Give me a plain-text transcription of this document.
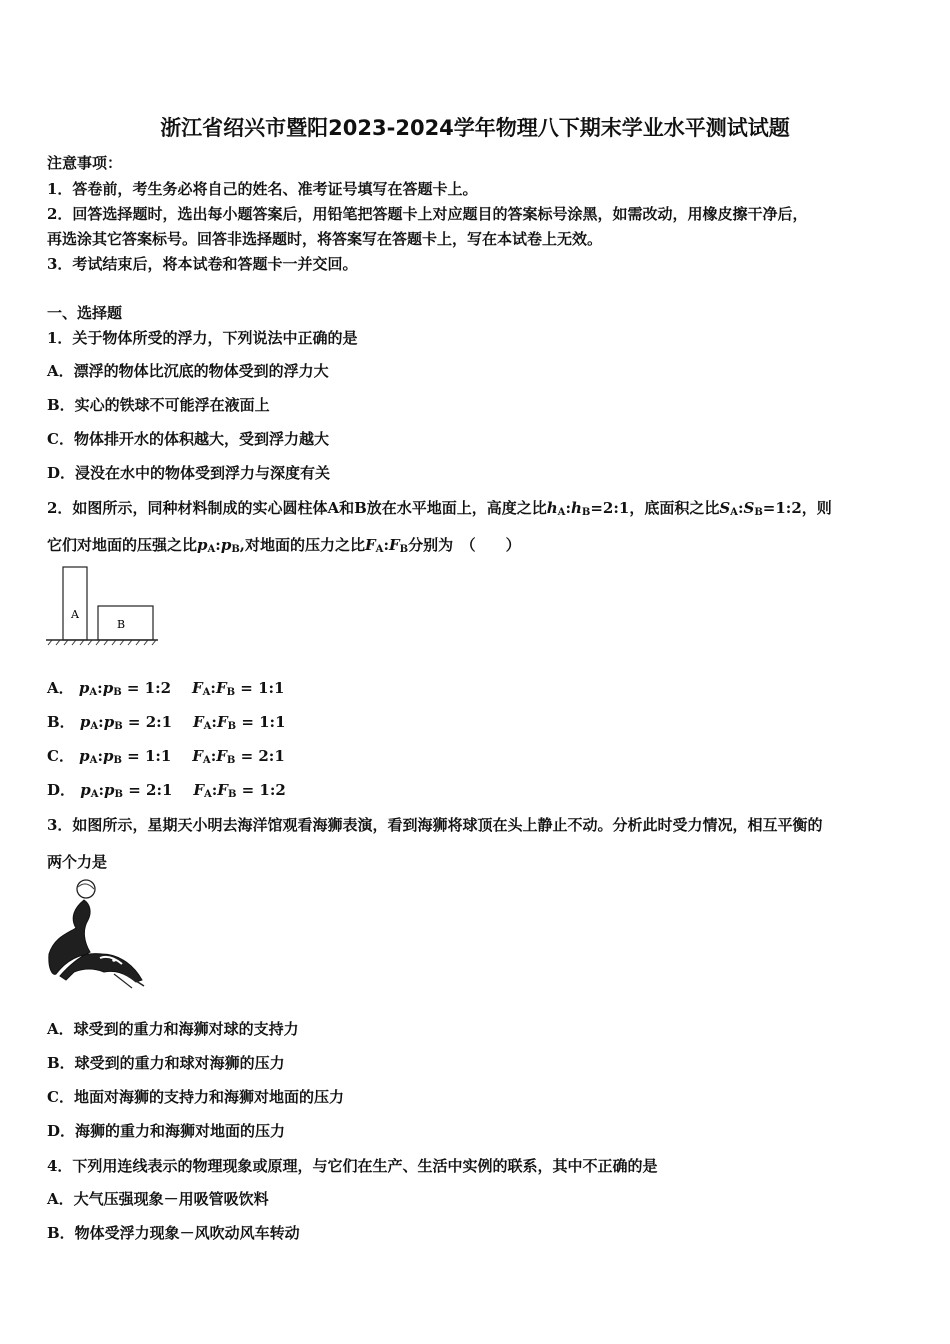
浙江省绍兴市暨阳2023-2024学年物理八下期末学业水平测试试题
注意事项：
1．答卷前，考生务必将自己的姓名、准考证号填写在答题卡上。
2．回答选择题时，选出每小题答案后，用铅笔把答题卡上对应题目的答案标号涂黑，如需改动，用橡皮擦干净后，
再选涂其它答案标号。回答非选择题时，将答案写在答题卡上，写在本试卷上无效。
3．考试结束后，将本试卷和答题卡一并交回。
一、选择题
1．关于物体所受的浮力，下列说法中正确的是
A．漂浮的物体比沉底的物体受到的浮力大
B．实心的铁球不可能浮在液面上
C．物体排开水的体积越大，受到浮力越大
D．浸没在水中的物体受到浮力与深度有关
2．如图所示，同种材料制成的实心圆柱体A和B放在水平地面上，高度之比$h_A:h_B=2:1$，底面积之比$S_A:S_B=1:2$，则
它们对地面的压强之比$p_A:p_B$,对地面的压力之比$F_A:F_B$分别为　（　　）
A
B
A． $p_A:p_B$ = 1:2 $F_A:F_B$ = 1:1
B． $p_A:p_B$ = 2:1 $F_A:F_B$ = 1:1
C． $p_A:p_B$ = 1:1 $F_A:F_B$ = 2:1
D． $p_A:p_B$ = 2:1 $F_A:F_B$ = 1:2
3．如图所示，星期天小明去海洋馆观看海狮表演，看到海狮将球顶在头上静止不动。分析此时受力情况，相互平衡的
两个力是
A．球受到的重力和海狮对球的支持力
B．球受到的重力和球对海狮的压力
C．地面对海狮的支持力和海狮对地面的压力
D．海狮的重力和海狮对地面的压力
4．下列用连线表示的物理现象或原理，与它们在生产、生活中实例的联系，其中不正确的是
A．大气压强现象－用吸管吸饮料
B．物体受浮力现象－风吹动风车转动
